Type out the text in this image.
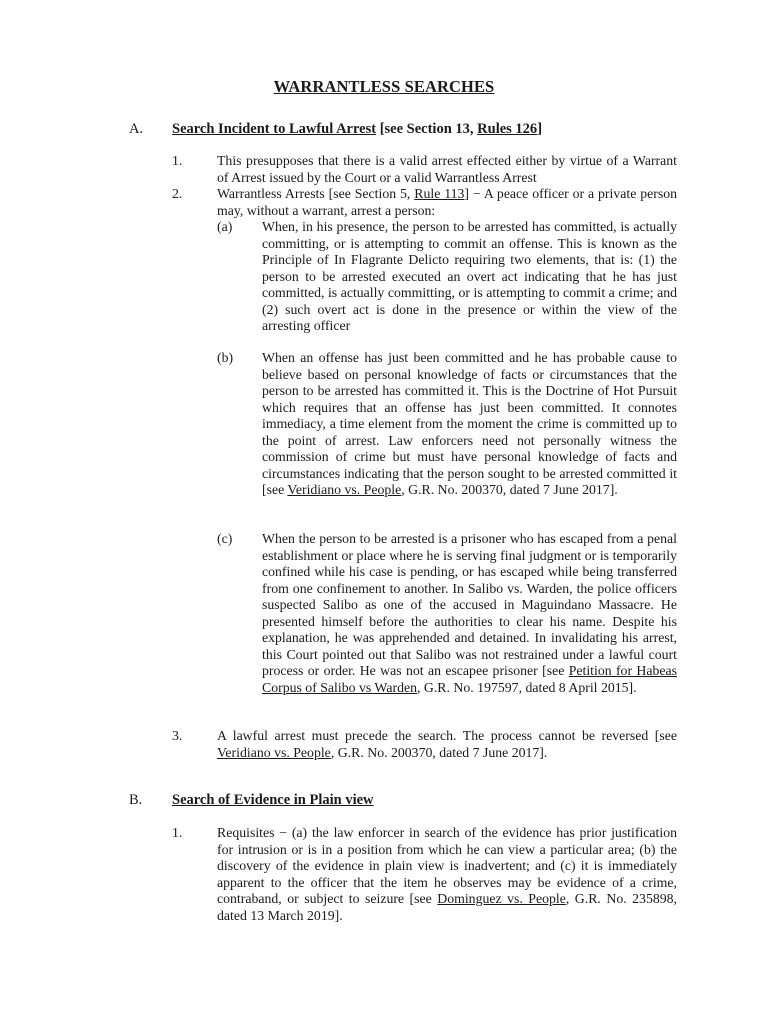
WARRANTLESS SEARCHES
A. Search Incident to Lawful Arrest [see Section 13, Rules 126]
1.	This presupposes that there is a valid arrest effected either by virtue of a Warrant of Arrest issued by the Court or a valid Warrantless Arrest
2.	Warrantless Arrests [see Section 5, Rule 113] − A peace officer or a private person may, without a warrant, arrest a person:
(a) When, in his presence, the person to be arrested has committed, is actually committing, or is attempting to commit an offense. This is known as the Principle of In Flagrante Delicto requiring two elements, that is: (1) the person to be arrested executed an overt act indicating that he has just committed, is actually committing, or is attempting to commit a crime; and (2) such overt act is done in the presence or within the view of the arresting officer
(b) When an offense has just been committed and he has probable cause to believe based on personal knowledge of facts or circumstances that the person to be arrested has committed it. This is the Doctrine of Hot Pursuit which requires that an offense has just been committed. It connotes immediacy, a time element from the moment the crime is committed up to the point of arrest. Law enforcers need not personally witness the commission of crime but must have personal knowledge of facts and circumstances indicating that the person sought to be arrested committed it [see Veridiano vs. People, G.R. No. 200370, dated 7 June 2017].
(c) When the person to be arrested is a prisoner who has escaped from a penal establishment or place where he is serving final judgment or is temporarily confined while his case is pending, or has escaped while being transferred from one confinement to another. In Salibo vs. Warden, the police officers suspected Salibo as one of the accused in Maguindano Massacre. He presented himself before the authorities to clear his name. Despite his explanation, he was apprehended and detained. In invalidating his arrest, this Court pointed out that Salibo was not restrained under a lawful court process or order. He was not an escapee prisoner [see Petition for Habeas Corpus of Salibo vs Warden, G.R. No. 197597, dated 8 April 2015].
3.	A lawful arrest must precede the search. The process cannot be reversed [see Veridiano vs. People, G.R. No. 200370, dated 7 June 2017].
B. Search of Evidence in Plain view
1.	Requisites − (a) the law enforcer in search of the evidence has prior justification for intrusion or is in a position from which he can view a particular area; (b) the discovery of the evidence in plain view is inadvertent; and (c) it is immediately apparent to the officer that the item he observes may be evidence of a crime, contraband, or subject to seizure [see Dominguez vs. People, G.R. No. 235898, dated 13 March 2019].
